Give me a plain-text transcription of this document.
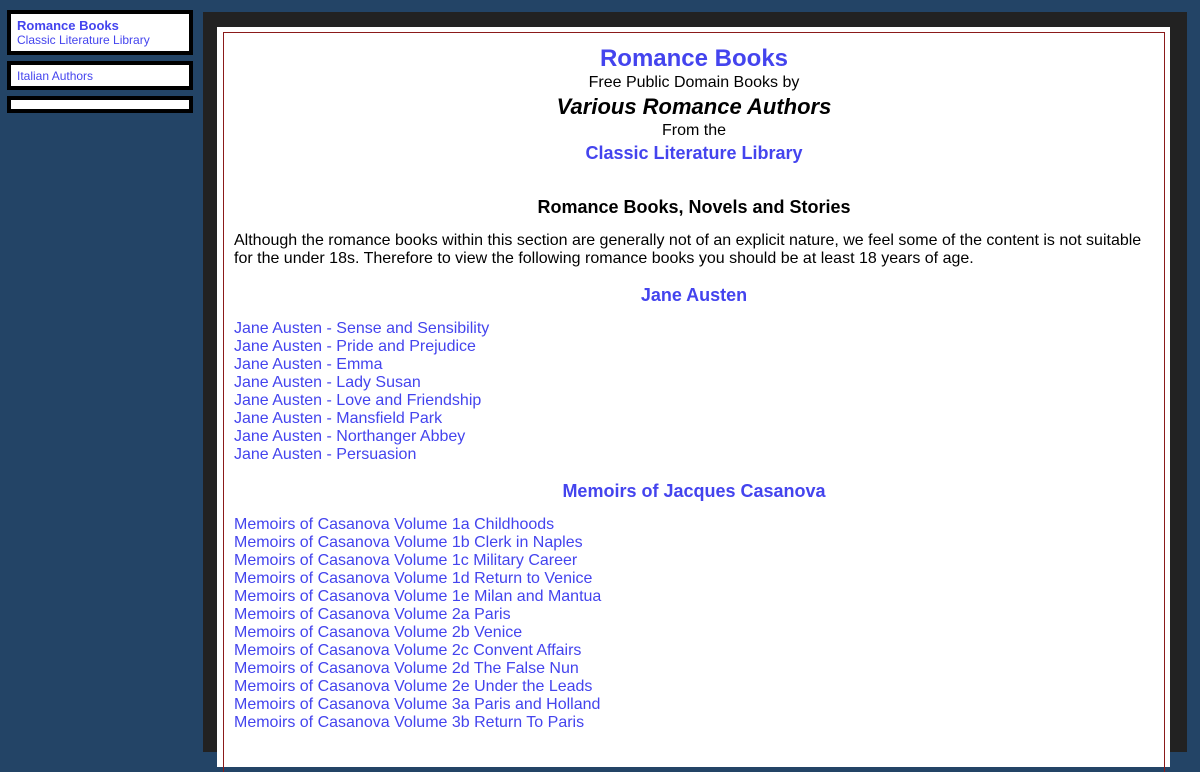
Romance Books
Classic Literature Library
Italian Authors

Romance Books

Free Public Domain Books by

Various Romance Authors

From the

Classic Literature Library

Romance Books, Novels and Stories

Although the romance books within this section are generally not of an explicit nature, we feel some of the content is not suitable for the under 18s. Therefore to view the following romance books you should be at least 18 years of age.

Jane Austen
Jane Austen - Sense and Sensibility
Jane Austen - Pride and Prejudice
Jane Austen - Emma
Jane Austen - Lady Susan
Jane Austen - Love and Friendship
Jane Austen - Mansfield Park
Jane Austen - Northanger Abbey
Jane Austen - Persuasion
Memoirs of Jacques Casanova
Memoirs of Casanova Volume 1a Childhoods
Memoirs of Casanova Volume 1b Clerk in Naples
Memoirs of Casanova Volume 1c Military Career
Memoirs of Casanova Volume 1d Return to Venice
Memoirs of Casanova Volume 1e Milan and Mantua
Memoirs of Casanova Volume 2a Paris
Memoirs of Casanova Volume 2b Venice
Memoirs of Casanova Volume 2c Convent Affairs
Memoirs of Casanova Volume 2d The False Nun
Memoirs of Casanova Volume 2e Under the Leads
Memoirs of Casanova Volume 3a Paris and Holland
Memoirs of Casanova Volume 3b Return To Paris
